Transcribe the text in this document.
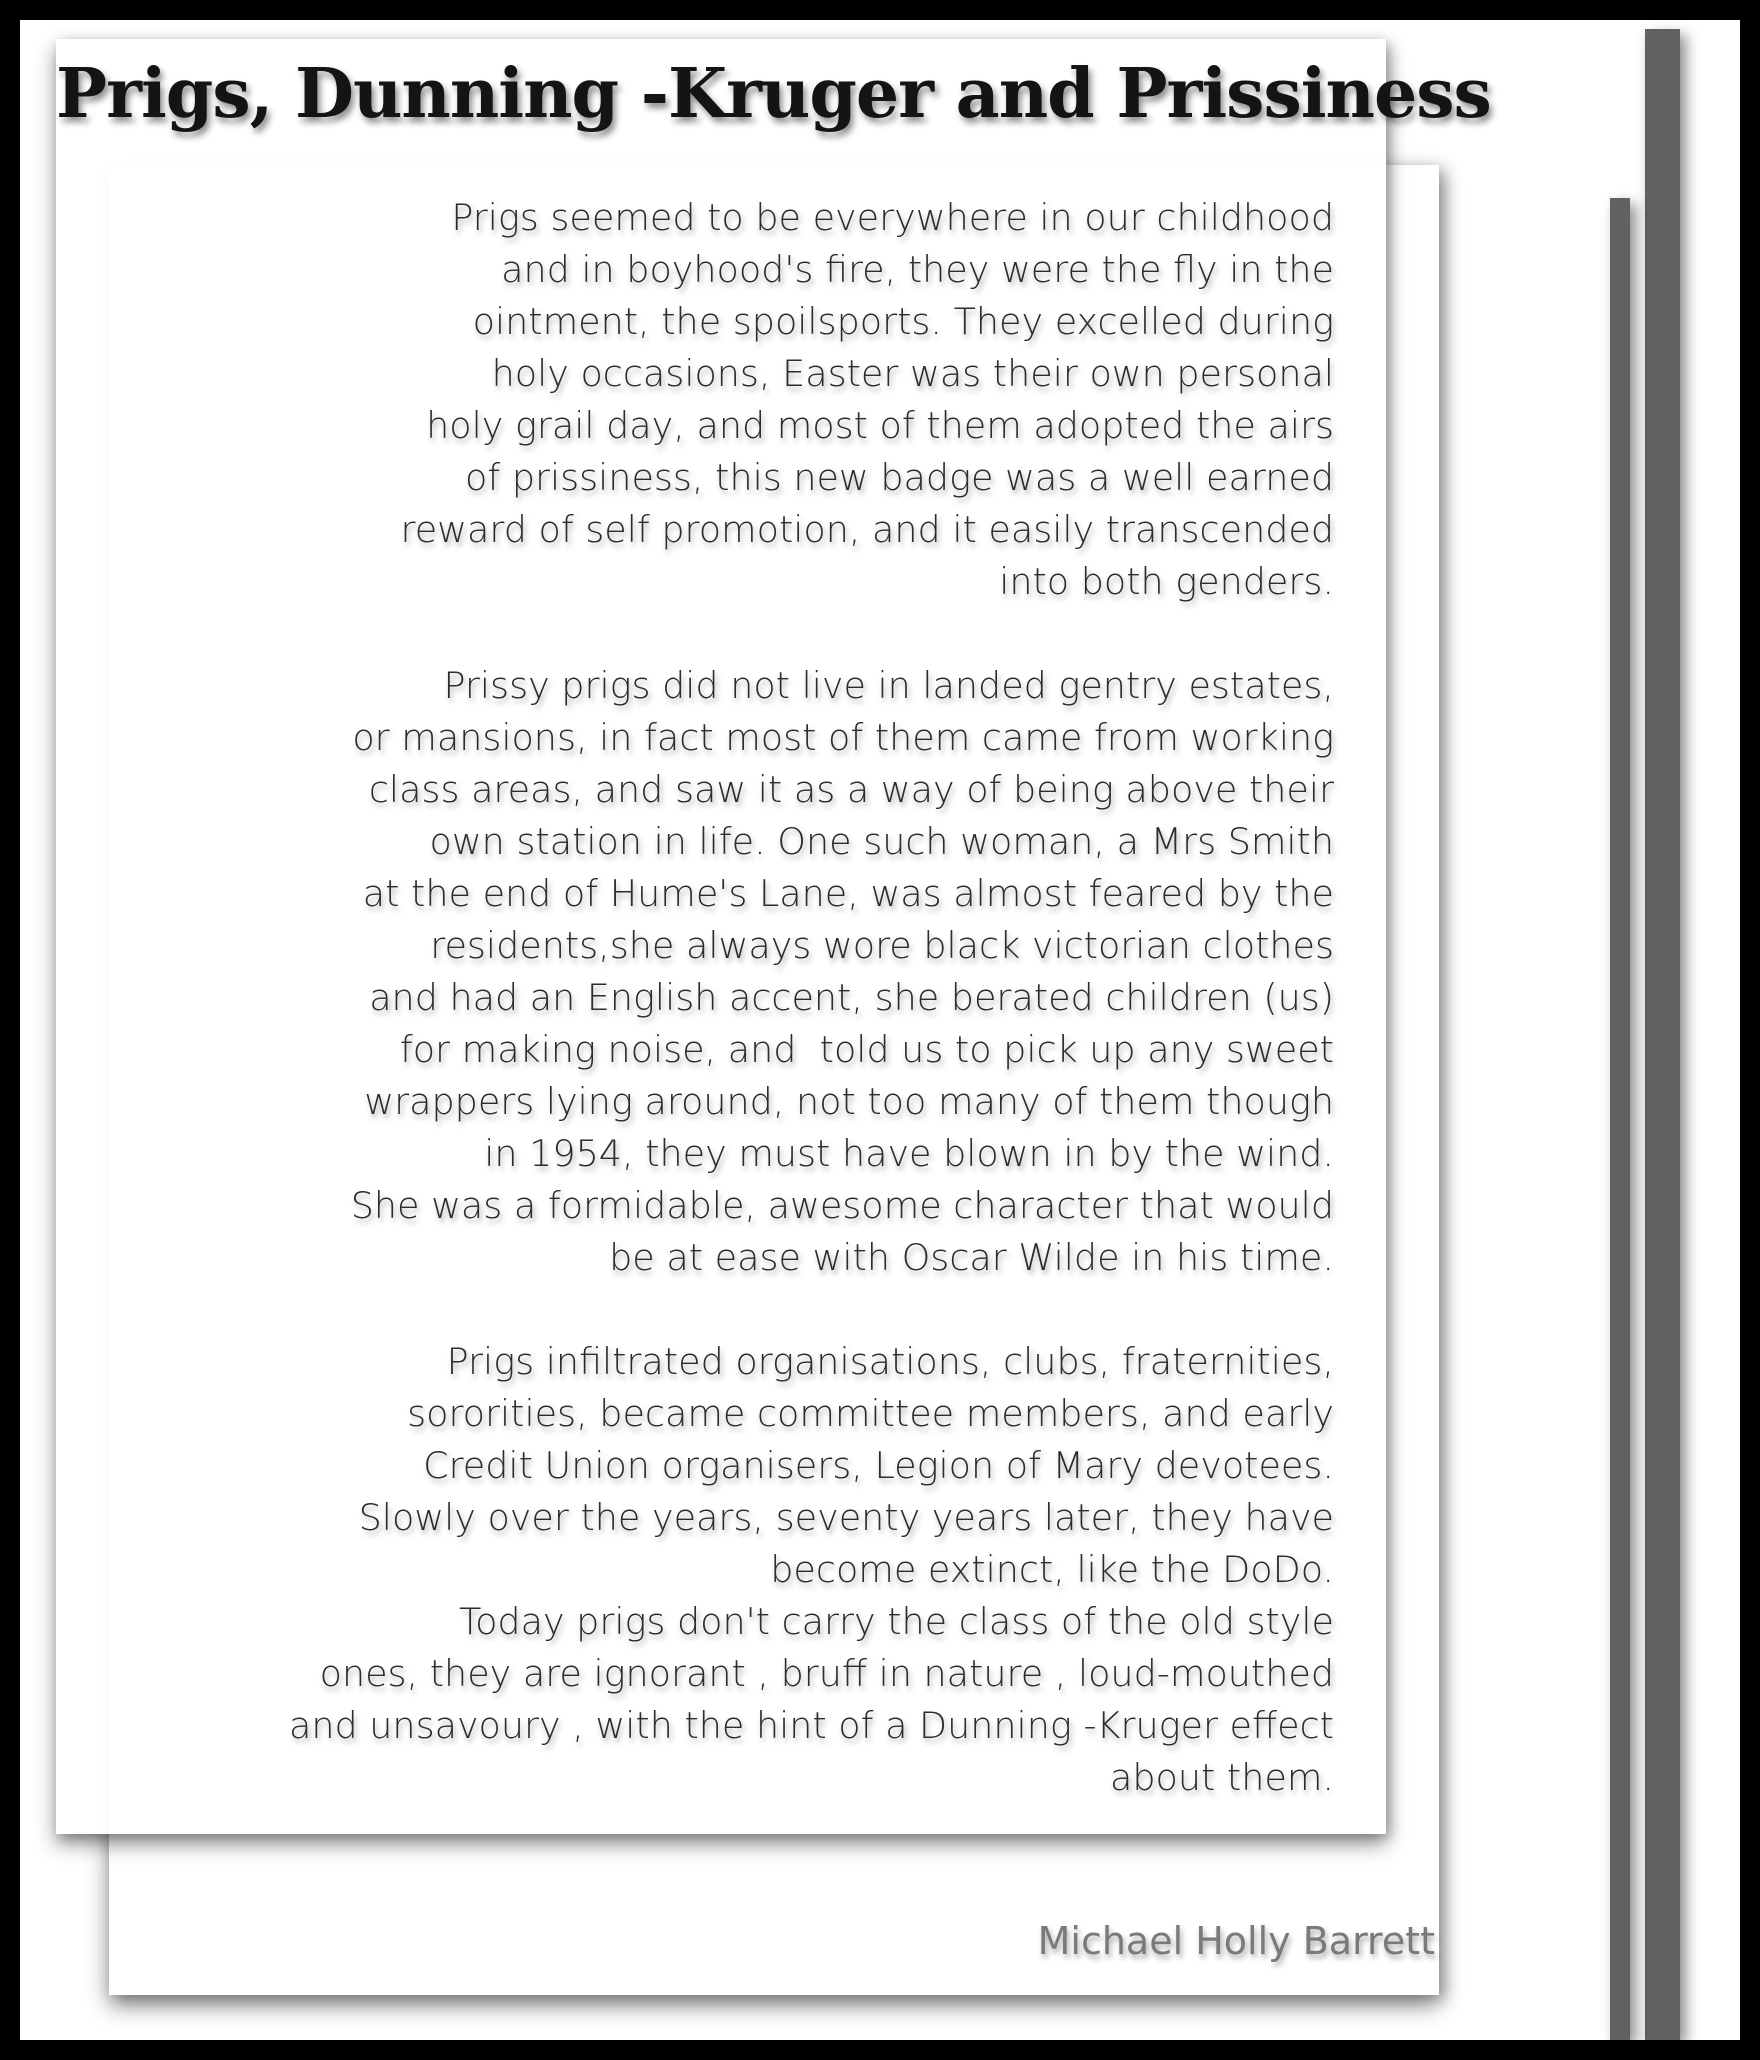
Prigs, Dunning -Kruger and Prissiness
Prigs seemed to be everywhere in our childhood
and in boyhood's fire, they were the fly in the
ointment, the spoilsports. They excelled during
holy occasions, Easter was their own personal
holy grail day, and most of them adopted the airs
of prissiness, this new badge was a well earned
reward of self promotion, and it easily transcended
into both genders.
Prissy prigs did not live in landed gentry estates,
or mansions, in fact most of them came from working
class areas, and saw it as a way of being above their
own station in life. One such woman, a Mrs Smith
at the end of Hume's Lane, was almost feared by the
residents,she always wore black victorian clothes
and had an English accent, she berated children (us)
for making noise, and  told us to pick up any sweet
wrappers lying around, not too many of them though
in 1954, they must have blown in by the wind.
She was a formidable, awesome character that would
be at ease with Oscar Wilde in his time.
Prigs infiltrated organisations, clubs, fraternities,
sororities, became committee members, and early
Credit Union organisers, Legion of Mary devotees.
Slowly over the years, seventy years later, they have
become extinct, like the DoDo.
Today prigs don't carry the class of the old style
ones, they are ignorant , bruff in nature , loud-mouthed
and unsavoury , with the hint of a Dunning -Kruger effect
about them.
Michael Holly Barrett
